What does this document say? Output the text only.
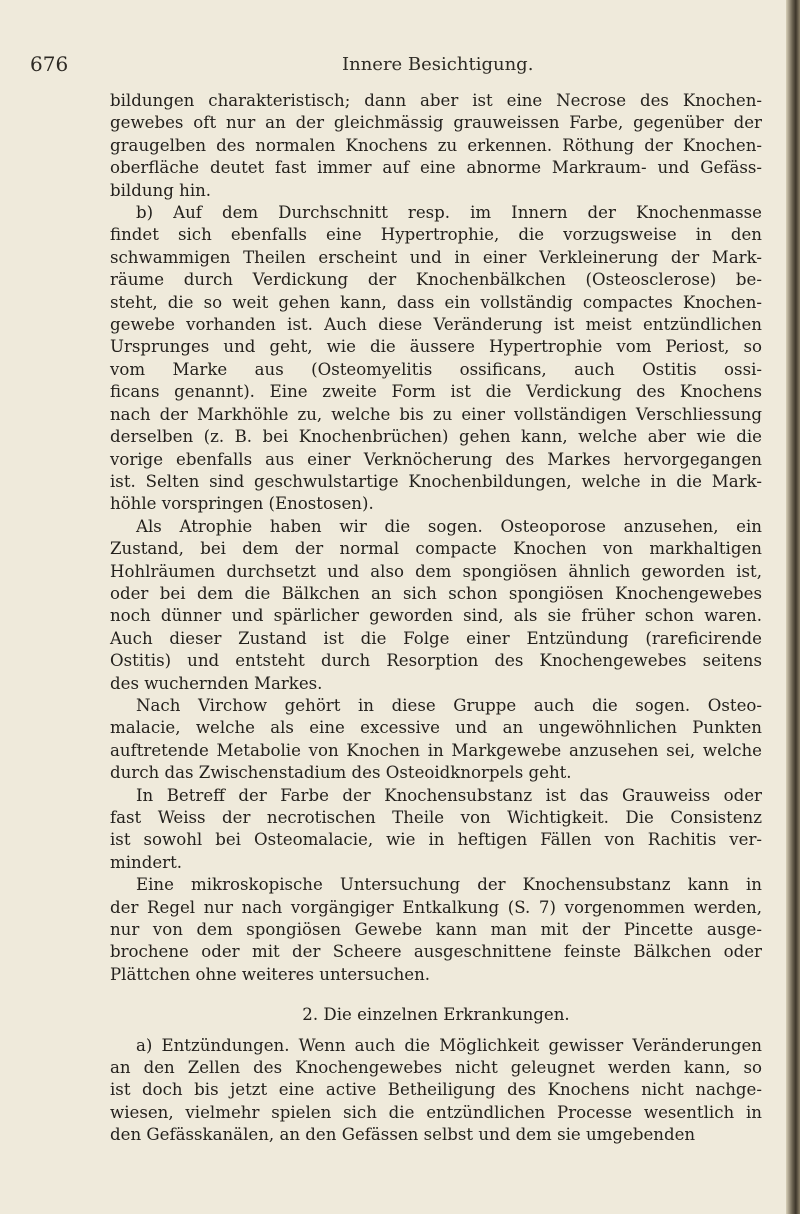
676	Innere Besichtigung.
bildungen charakteristisch; dann aber ist eine Necrose des Knochen-
gewebes oft nur an der gleichmässig grauweissen Farbe, gegenüber der
graugelben des normalen Knochens zu erkennen. Röthung der Knochen-
oberfläche deutet fast immer auf eine abnorme Markraum- und Gefäss-
bildung hin.
b) Auf dem Durchschnitt resp. im Innern der Knochenmasse
findet sich ebenfalls eine Hypertrophie, die vorzugsweise in den
schwammigen Theilen erscheint und in einer Verkleinerung der Mark-
räume durch Verdickung der Knochenbälkchen (Osteosclerose) be-
steht, die so weit gehen kann, dass ein vollständig compactes Knochen-
gewebe vorhanden ist. Auch diese Veränderung ist meist entzündlichen
Ursprunges und geht, wie die äussere Hypertrophie vom Periost, so
vom Marke aus (Osteomyelitis ossificans, auch Ostitis ossi-
ficans genannt). Eine zweite Form ist die Verdickung des Knochens
nach der Markhöhle zu, welche bis zu einer vollständigen Verschliessung
derselben (z. B. bei Knochenbrüchen) gehen kann, welche aber wie die
vorige ebenfalls aus einer Verknöcherung des Markes hervorgegangen
ist. Selten sind geschwulstartige Knochenbildungen, welche in die Mark-
höhle vorspringen (Enostosen).
Als Atrophie haben wir die sogen. Osteoporose anzusehen, ein
Zustand, bei dem der normal compacte Knochen von markhaltigen
Hohlräumen durchsetzt und also dem spongiösen ähnlich geworden ist,
oder bei dem die Bälkchen an sich schon spongiösen Knochengewebes
noch dünner und spärlicher geworden sind, als sie früher schon waren.
Auch dieser Zustand ist die Folge einer Entzündung (rareficirende
Ostitis) und entsteht durch Resorption des Knochengewebes seitens
des wuchernden Markes.
Nach Virchow gehört in diese Gruppe auch die sogen. Osteo-
malacie, welche als eine excessive und an ungewöhnlichen Punkten
auftretende Metabolie von Knochen in Markgewebe anzusehen sei, welche
durch das Zwischenstadium des Osteoidknorpels geht.
In Betreff der Farbe der Knochensubstanz ist das Grauweiss oder
fast Weiss der necrotischen Theile von Wichtigkeit. Die Consistenz
ist sowohl bei Osteomalacie, wie in heftigen Fällen von Rachitis ver-
mindert.
Eine mikroskopische Untersuchung der Knochensubstanz kann in
der Regel nur nach vorgängiger Entkalkung (S. 7) vorgenommen werden,
nur von dem spongiösen Gewebe kann man mit der Pincette ausge-
brochene oder mit der Scheere ausgeschnittene feinste Bälkchen oder
Plättchen ohne weiteres untersuchen.
2. Die einzelnen Erkrankungen.
a) Entzündungen. Wenn auch die Möglichkeit gewisser Veränderungen
an den Zellen des Knochengewebes nicht geleugnet werden kann, so
ist doch bis jetzt eine active Betheiligung des Knochens nicht nachge-
wiesen, vielmehr spielen sich die entzündlichen Processe wesentlich in
den Gefässkanälen, an den Gefässen selbst und dem sie umgebenden
